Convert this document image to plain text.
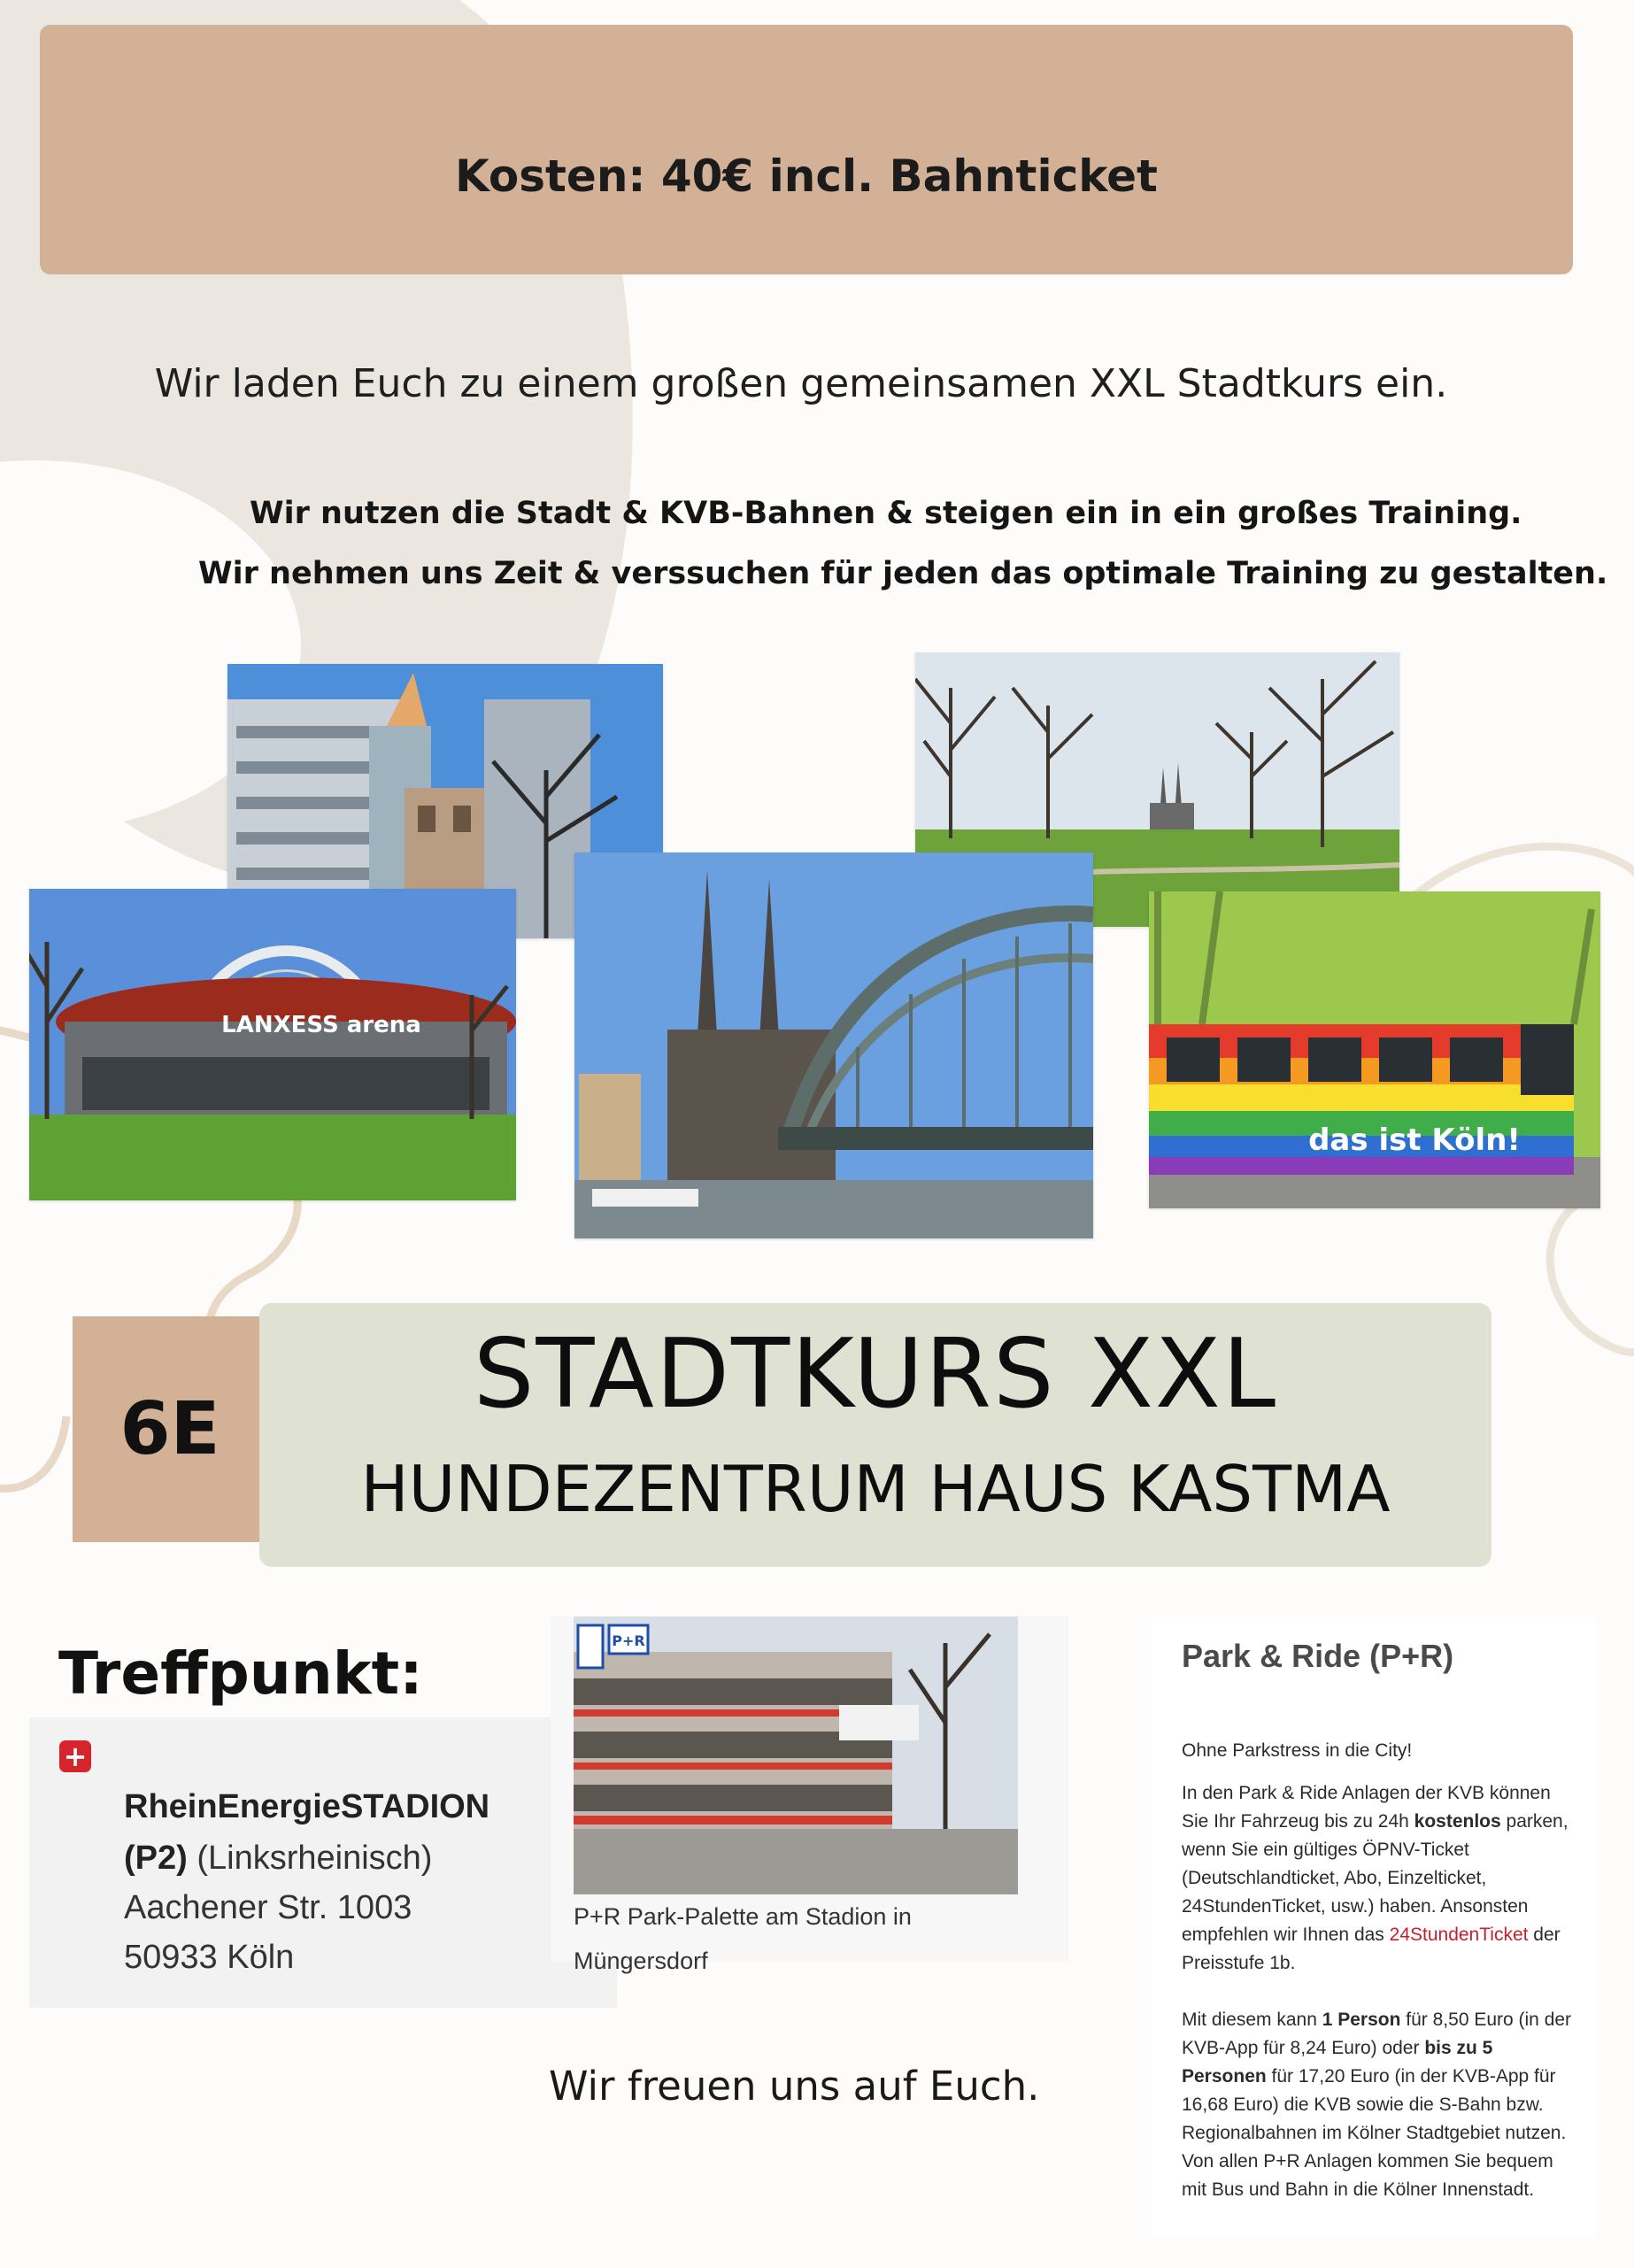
Kosten: 40€ incl. Bahnticket
Wir laden Euch zu einem großen gemeinsamen XXL Stadtkurs ein.
Wir nutzen die Stadt & KVB-Bahnen & steigen ein in ein großes Training.
Wir nehmen uns Zeit & verssuchen für jeden das optimale Training zu gestalten.
LANXESS arena
das ist Köln!
6E	STADTKURS XXL
HUNDEZENTRUM HAUS KASTMA
Treffpunkt:
+
RheinEnergieSTADION
(P2) (Linksrheinisch)
Aachener Str. 1003
50933 Köln
P+R
P+R Park-Palette am Stadion in Müngersdorf
Park & Ride (P+R)
Ohne Parkstress in die City!
In den Park & Ride Anlagen der KVB können Sie Ihr Fahrzeug bis zu 24h kostenlos parken, wenn Sie ein gültiges ÖPNV-Ticket (Deutschlandticket, Abo, Einzelticket, 24StundenTicket, usw.) haben. Ansonsten empfehlen wir Ihnen das 24StundenTicket der Preisstufe 1b.
Mit diesem kann 1 Person für 8,50 Euro (in der KVB-App für 8,24 Euro) oder bis zu 5 Personen für 17,20 Euro (in der KVB-App für 16,68 Euro) die KVB sowie die S-Bahn bzw. Regionalbahnen im Kölner Stadtgebiet nutzen. Von allen P+R Anlagen kommen Sie bequem mit Bus und Bahn in die Kölner Innenstadt.
Wir freuen uns auf Euch.
